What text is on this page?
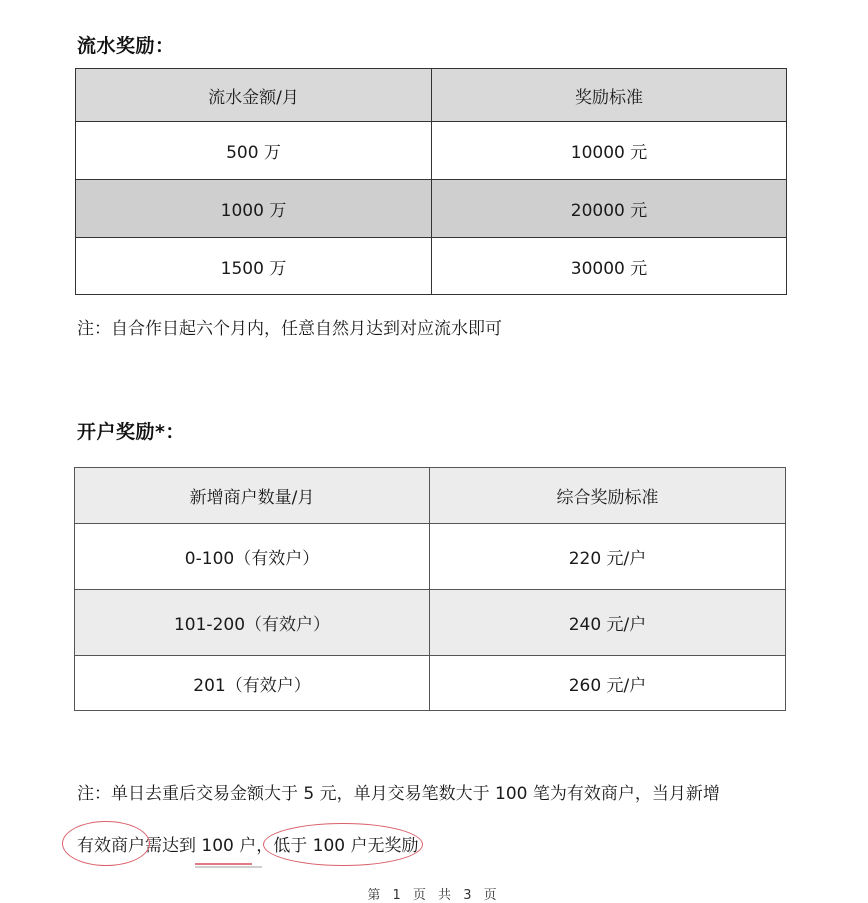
流水奖励：
流水金额/月	奖励标准
500 万	10000 元
1000 万	20000 元
1500 万	30000 元
注：自合作日起六个月内，任意自然月达到对应流水即可
开户奖励*：
新增商户数量/月	综合奖励标准
0-100（有效户）	220 元/户
101-200（有效户）	240 元/户
201（有效户）	260 元/户
注：单日去重后交易金额大于 5 元，单月交易笔数大于 100 笔为有效商户，当月新增
有效商户需达到 100 户，低于 100 户无奖励
第 1 页 共 3 页
